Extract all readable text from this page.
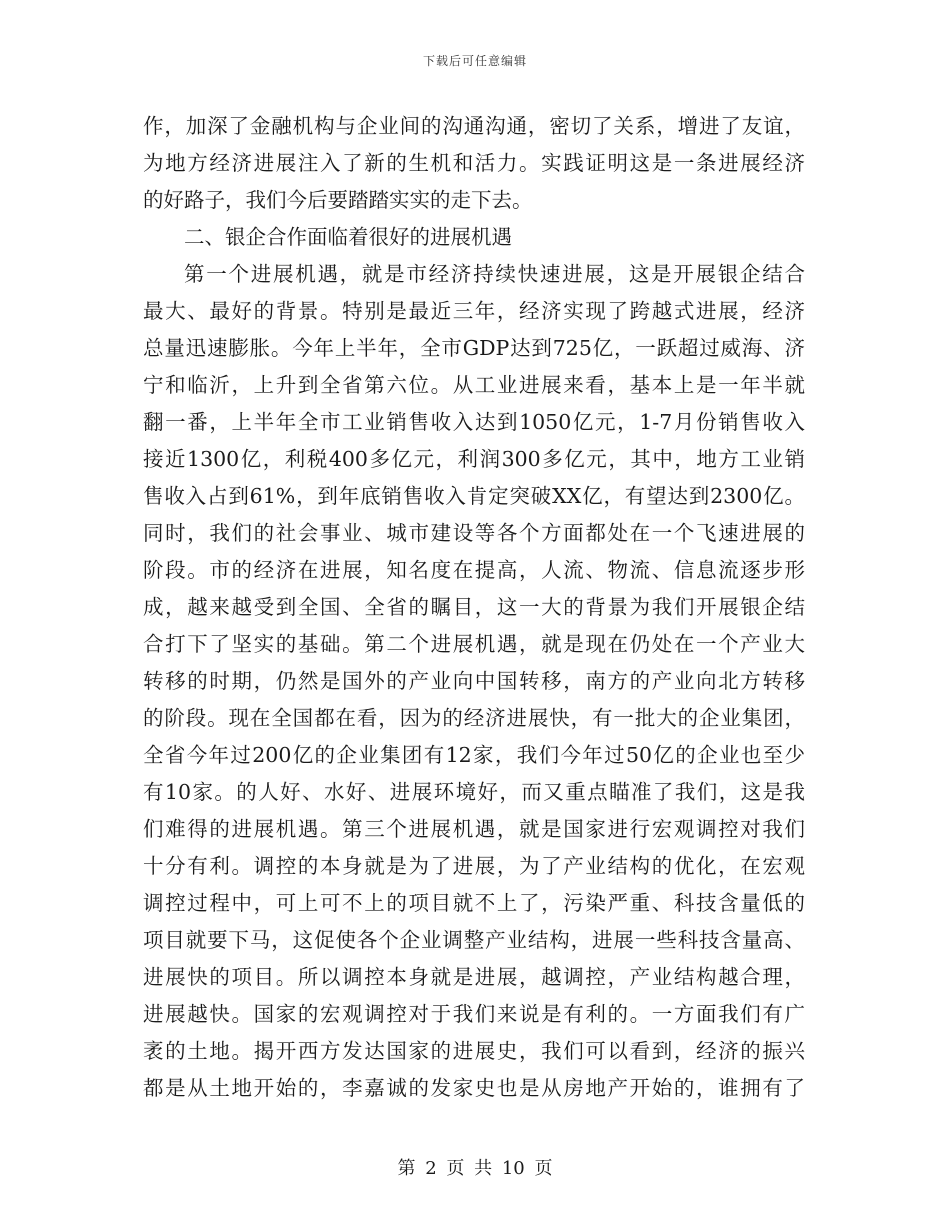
下载后可任意编辑
作，加深了金融机构与企业间的沟通沟通，密切了关系，增进了友谊，
为地方经济进展注入了新的生机和活力。实践证明这是一条进展经济
的好路子，我们今后要踏踏实实的走下去。
二、银企合作面临着很好的进展机遇
第一个进展机遇，就是市经济持续快速进展，这是开展银企结合
最大、最好的背景。特别是最近三年，经济实现了跨越式进展，经济
总量迅速膨胀。今年上半年，全市GDP达到725亿，一跃超过威海、济
宁和临沂，上升到全省第六位。从工业进展来看，基本上是一年半就
翻一番，上半年全市工业销售收入达到1050亿元，1-7月份销售收入
接近1300亿，利税400多亿元，利润300多亿元，其中，地方工业销
售收入占到61%，到年底销售收入肯定突破XX亿，有望达到2300亿。
同时，我们的社会事业、城市建设等各个方面都处在一个飞速进展的
阶段。市的经济在进展，知名度在提高，人流、物流、信息流逐步形
成，越来越受到全国、全省的瞩目，这一大的背景为我们开展银企结
合打下了坚实的基础。第二个进展机遇，就是现在仍处在一个产业大
转移的时期，仍然是国外的产业向中国转移，南方的产业向北方转移
的阶段。现在全国都在看，因为的经济进展快，有一批大的企业集团，
全省今年过200亿的企业集团有12家，我们今年过50亿的企业也至少
有10家。的人好、水好、进展环境好，而又重点瞄准了我们，这是我
们难得的进展机遇。第三个进展机遇，就是国家进行宏观调控对我们
十分有利。调控的本身就是为了进展，为了产业结构的优化，在宏观
调控过程中，可上可不上的项目就不上了，污染严重、科技含量低的
项目就要下马，这促使各个企业调整产业结构，进展一些科技含量高、
进展快的项目。所以调控本身就是进展，越调控，产业结构越合理，
进展越快。国家的宏观调控对于我们来说是有利的。一方面我们有广
袤的土地。揭开西方发达国家的进展史，我们可以看到，经济的振兴
都是从土地开始的，李嘉诚的发家史也是从房地产开始的，谁拥有了
第 2 页 共 10 页
